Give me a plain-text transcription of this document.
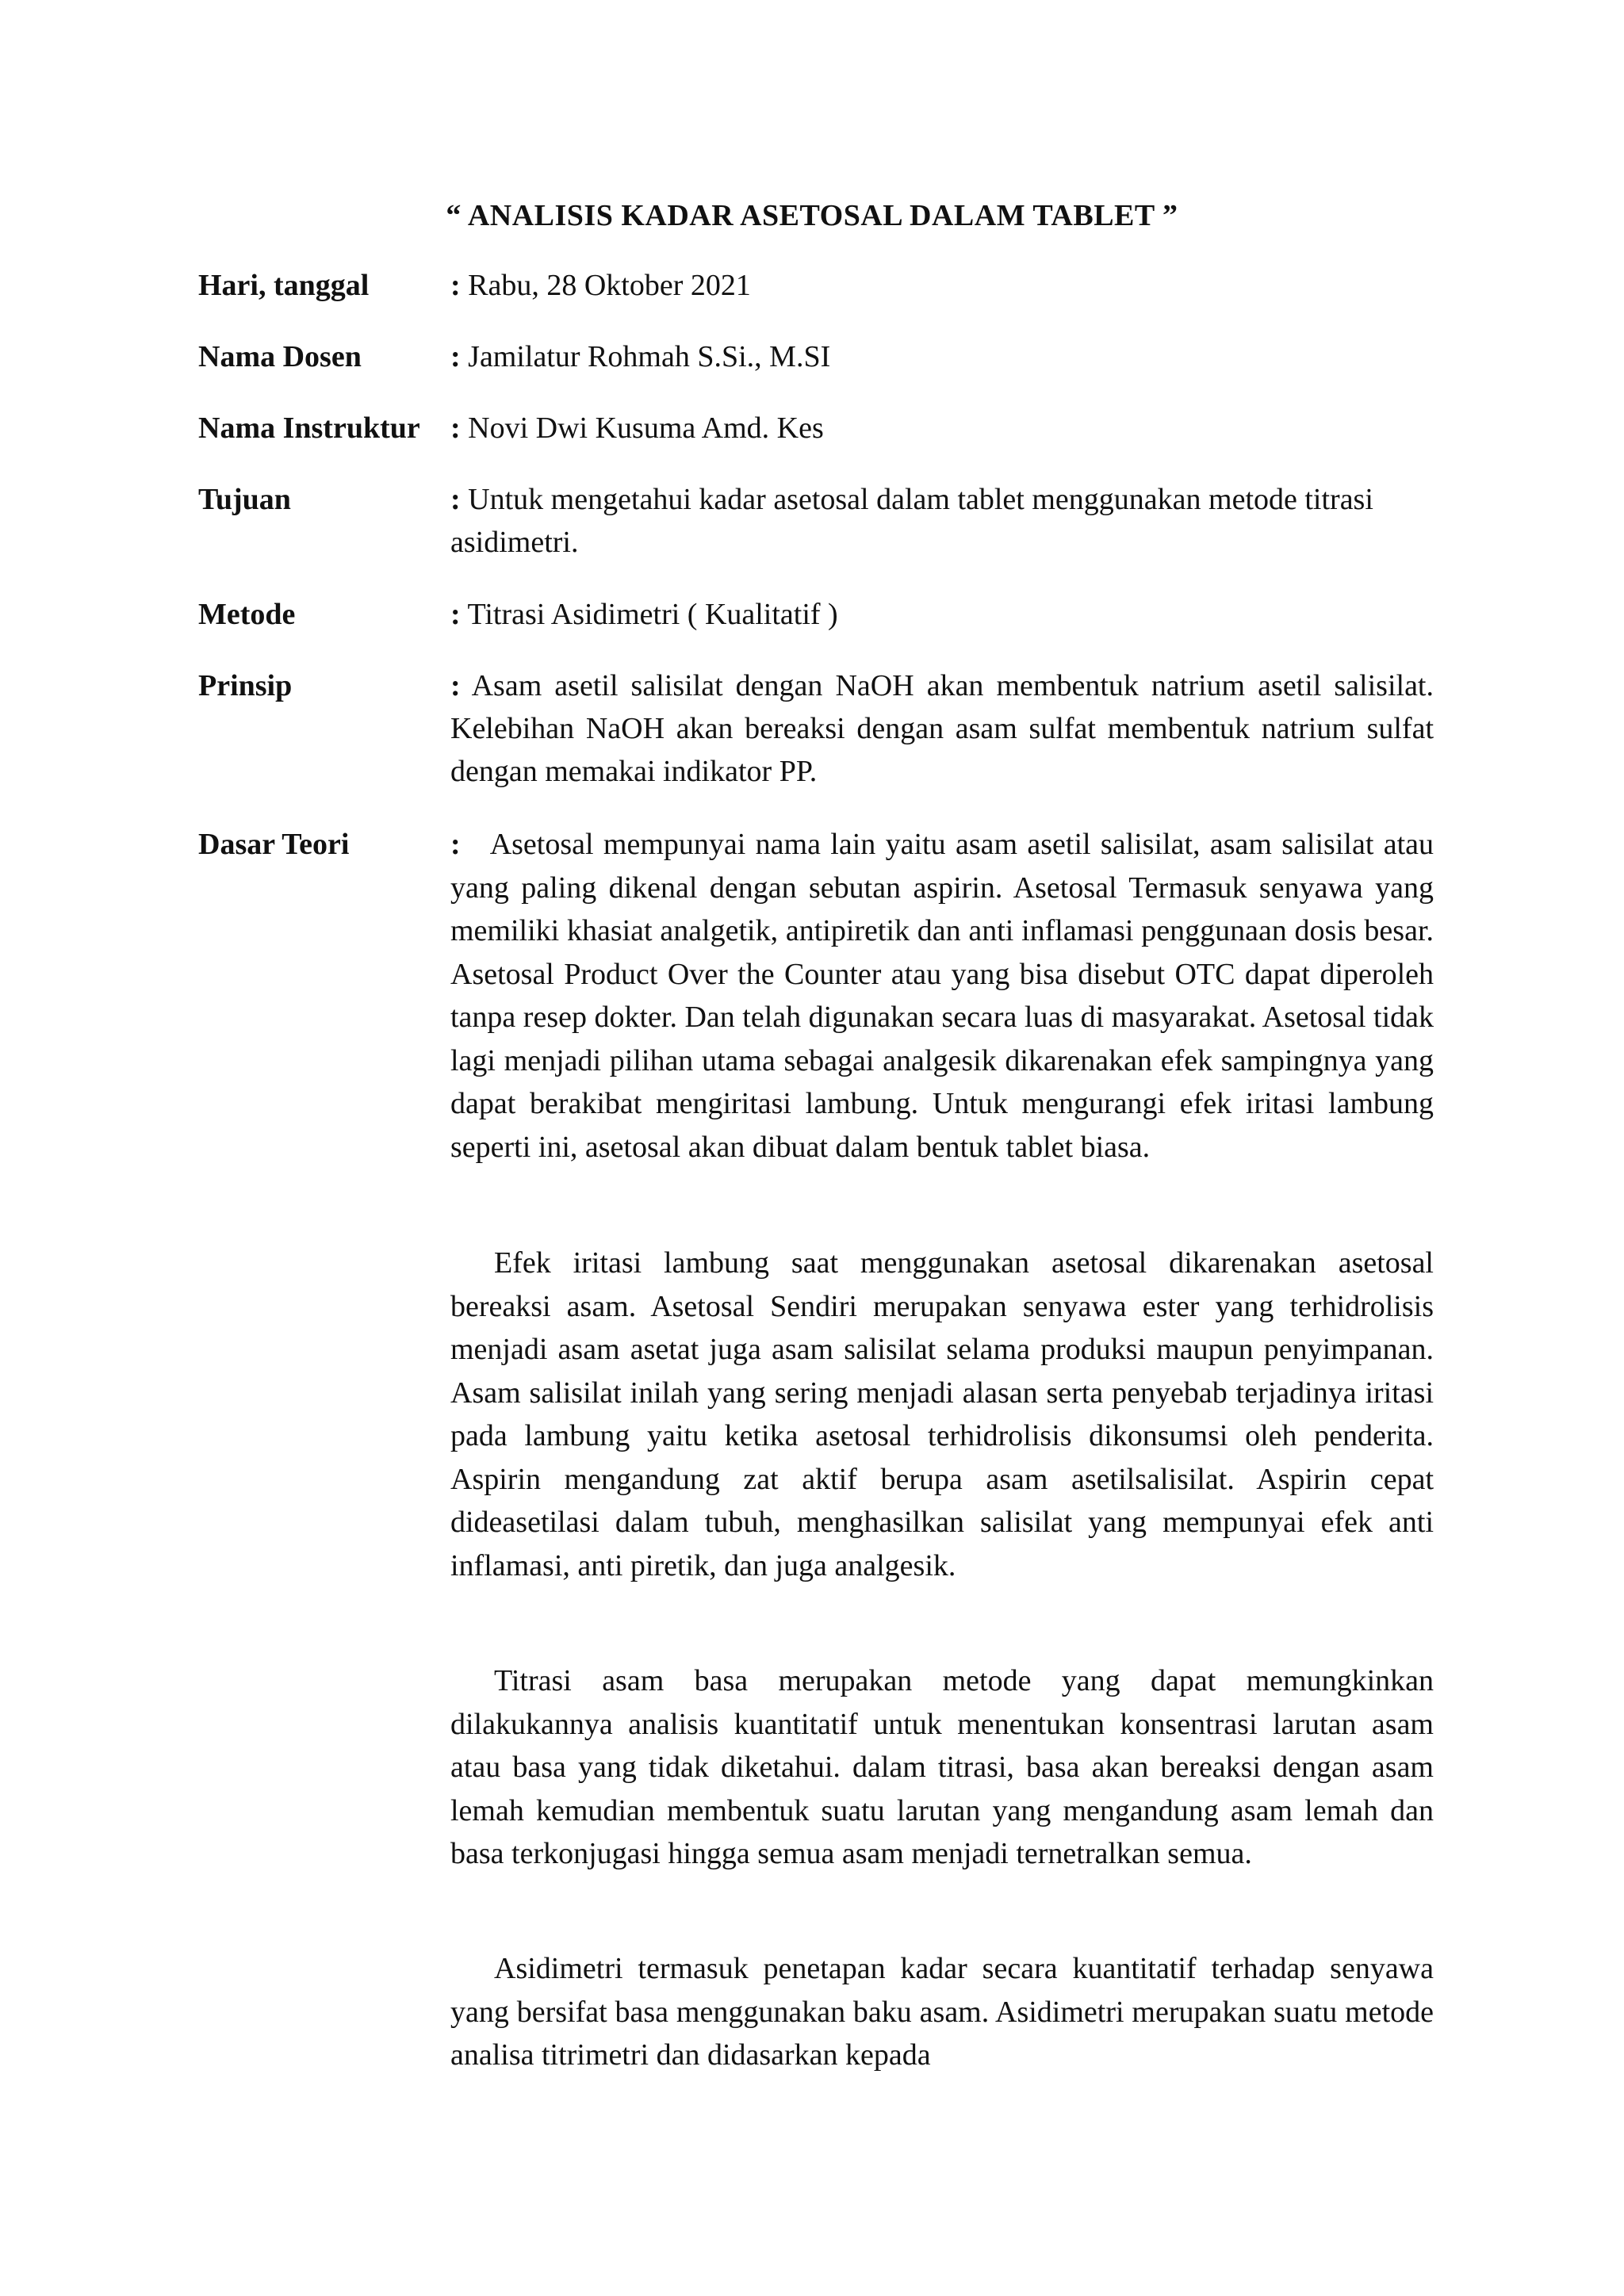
“ ANALISIS KADAR ASETOSAL DALAM TABLET ”
Hari, tanggal	: Rabu, 28 Oktober 2021
Nama Dosen	: Jamilatur Rohmah S.Si., M.SI
Nama Instruktur : Novi Dwi Kusuma Amd. Kes
Tujuan	: Untuk mengetahui kadar asetosal dalam tablet menggunakan metode titrasi asidimetri.
Metode	: Titrasi Asidimetri ( Kualitatif )
Prinsip	: Asam asetil salisilat dengan NaOH akan membentuk natrium asetil salisilat. Kelebihan NaOH akan bereaksi dengan asam sulfat membentuk natrium sulfat dengan memakai indikator PP.
Dasar Teori	: Asetosal mempunyai nama lain yaitu asam asetil salisilat, asam salisilat atau yang paling dikenal dengan sebutan aspirin. Asetosal Termasuk senyawa yang memiliki khasiat analgetik, antipiretik dan anti inflamasi penggunaan dosis besar. Asetosal Product Over the Counter atau yang bisa disebut OTC dapat diperoleh tanpa resep dokter. Dan telah digunakan secara luas di masyarakat. Asetosal tidak lagi menjadi pilihan utama sebagai analgesik dikarenakan efek sampingnya yang dapat berakibat mengiritasi lambung. Untuk mengurangi efek iritasi lambung seperti ini, asetosal akan dibuat dalam bentuk tablet biasa.

Efek iritasi lambung saat menggunakan asetosal dikarenakan asetosal bereaksi asam. Asetosal Sendiri merupakan senyawa ester yang terhidrolisis menjadi asam asetat juga asam salisilat selama produksi maupun penyimpanan. Asam salisilat inilah yang sering menjadi alasan serta penyebab terjadinya iritasi pada lambung yaitu ketika asetosal terhidrolisis dikonsumsi oleh penderita. Aspirin mengandung zat aktif berupa asam asetilsalisilat. Aspirin cepat dideasetilasi dalam tubuh, menghasilkan salisilat yang mempunyai efek anti inflamasi, anti piretik, dan juga analgesik.

Titrasi asam basa merupakan metode yang dapat memungkinkan dilakukannya analisis kuantitatif untuk menentukan konsentrasi larutan asam atau basa yang tidak diketahui. dalam titrasi, basa akan bereaksi dengan asam lemah kemudian membentuk suatu larutan yang mengandung asam lemah dan basa terkonjugasi hingga semua asam menjadi ternetralkan semua.

Asidimetri termasuk penetapan kadar secara kuantitatif terhadap senyawa yang bersifat basa menggunakan baku asam. Asidimetri merupakan suatu metode analisa titrimetri dan didasarkan kepada
